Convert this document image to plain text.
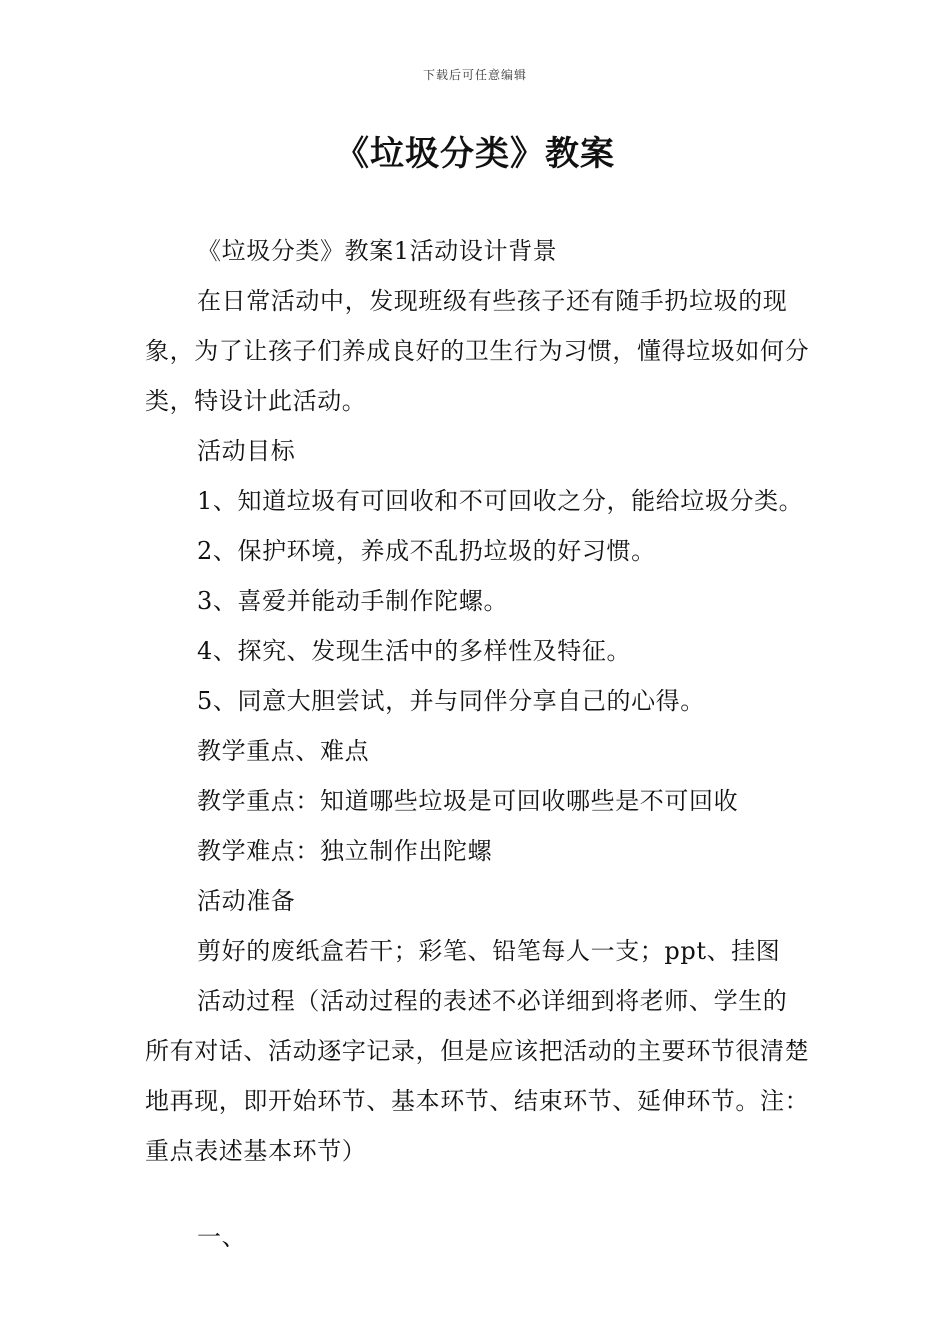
下载后可任意编辑
《垃圾分类》教案

《垃圾分类》教案1活动设计背景

在日常活动中，发现班级有些孩子还有随手扔垃圾的现象，为了让孩子们养成良好的卫生行为习惯，懂得垃圾如何分类，特设计此活动。

活动目标

1、知道垃圾有可回收和不可回收之分，能给垃圾分类。

2、保护环境，养成不乱扔垃圾的好习惯。

3、喜爱并能动手制作陀螺。

4、探究、发现生活中的多样性及特征。

5、同意大胆尝试，并与同伴分享自己的心得。

教学重点、难点

教学重点：知道哪些垃圾是可回收哪些是不可回收

教学难点：独立制作出陀螺

活动准备

剪好的废纸盒若干；彩笔、铅笔每人一支；ppt、挂图

活动过程（活动过程的表述不必详细到将老师、学生的所有对话、活动逐字记录，但是应该把活动的主要环节很清楚地再现，即开始环节、基本环节、结束环节、延伸环节。注：重点表述基本环节）

一、
